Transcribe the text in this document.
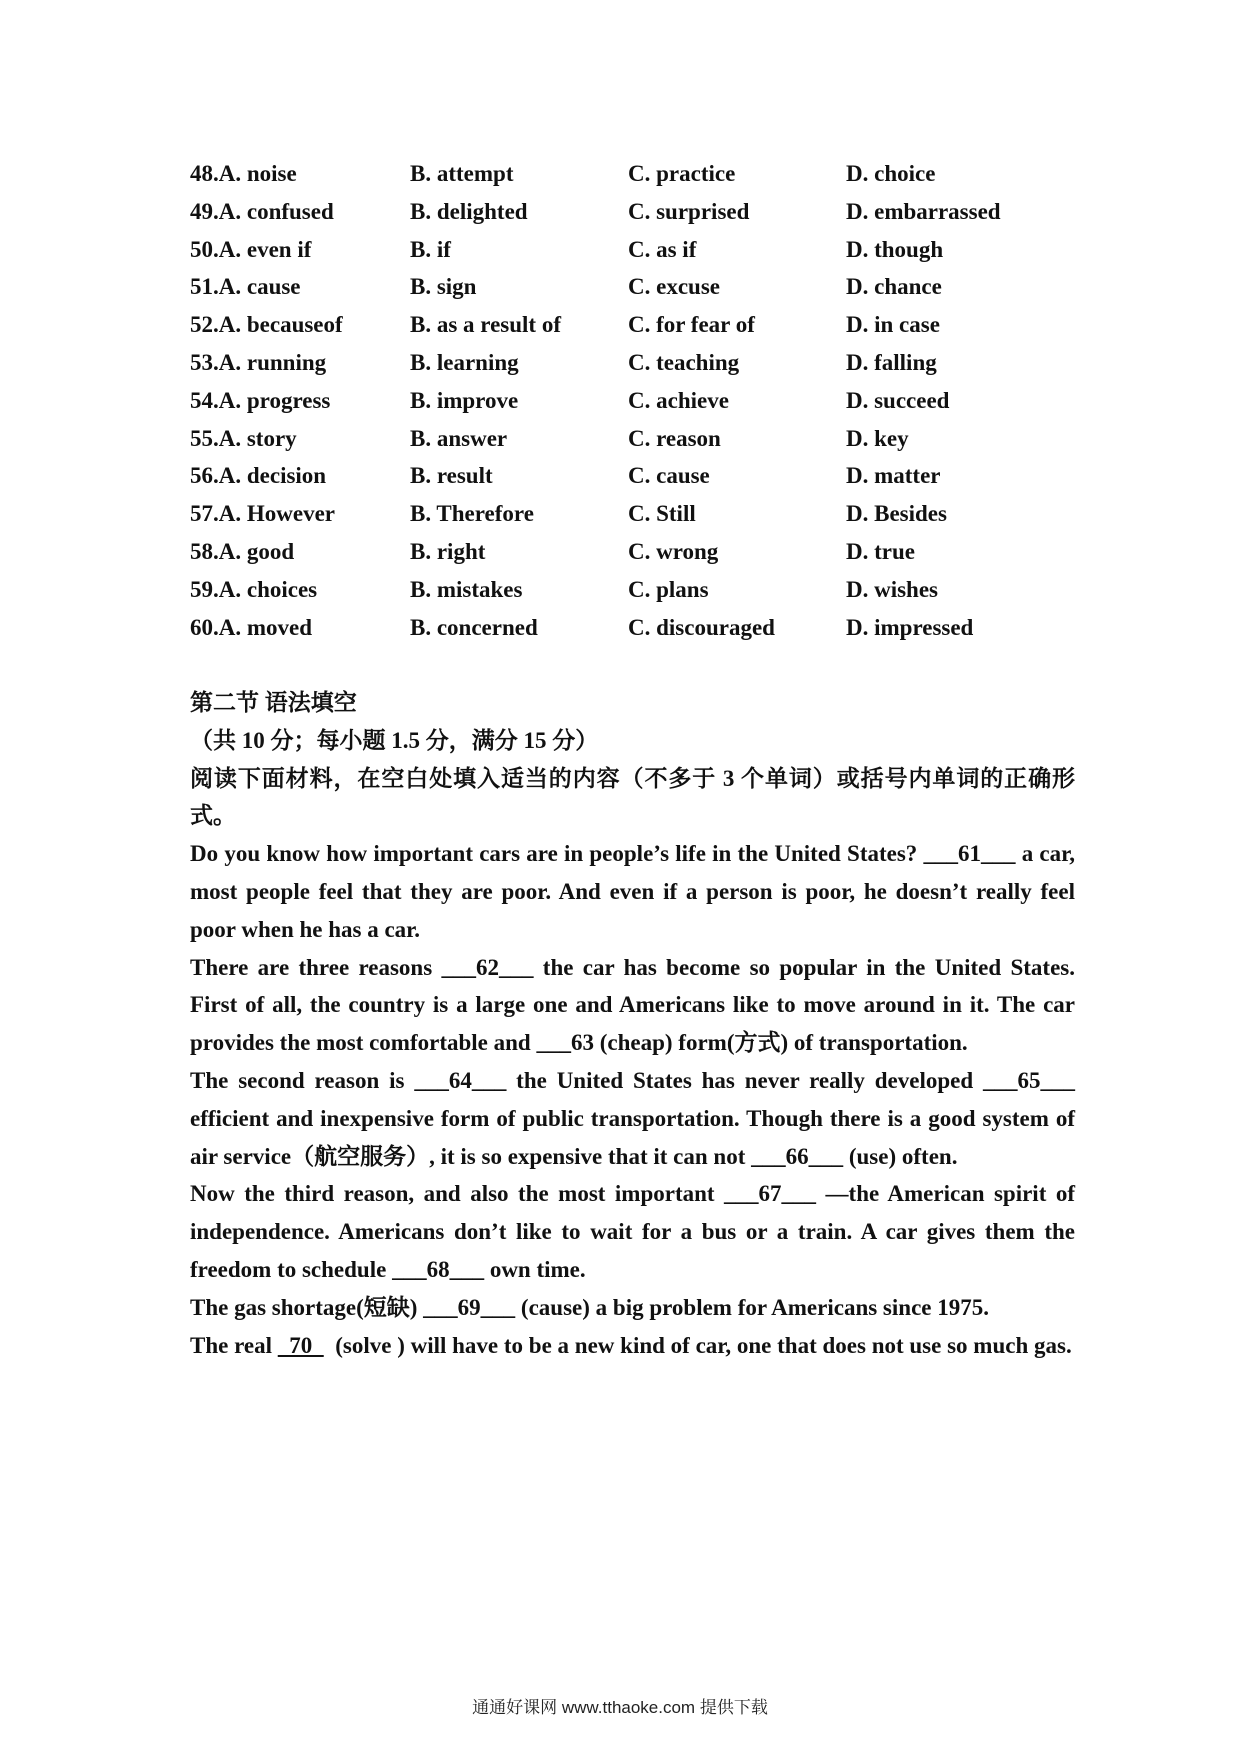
48.A. noise	B. attempt	C. practice	D. choice
49.A. confused	B. delighted	C. surprised	D. embarrassed
50.A. even if	B. if	C. as if	D. though
51.A. cause	B. sign	C. excuse	D. chance
52.A. becauseof	B. as a result of	C. for fear of	D. in case
53.A. running	B. learning	C. teaching	D. falling
54.A. progress	B. improve	C. achieve	D. succeed
55.A. story	B. answer	C. reason	D. key
56.A. decision	B. result	C. cause	D. matter
57.A. However	B. Therefore	C. Still	D. Besides
58.A. good	B. right	C. wrong	D. true
59.A. choices	B. mistakes	C. plans	D. wishes
60.A. moved	B. concerned	C. discouraged	D. impressed

第二节 语法填空

（共 10 分；每小题 1.5 分，满分 15 分）

阅读下面材料，在空白处填入适当的内容（不多于 3 个单词）或括号内单词的正确形式。

Do you know how important cars are in people’s life in the United States? ___61___ a car, most people feel that they are poor. And even if a person is poor, he doesn’t really feel poor when he has a car.

There are three reasons ___62___ the car has become so popular in the United States. First of all, the country is a large one and Americans like to move around in it. The car provides the most comfortable and ___63 (cheap) form(方式) of transportation.

The second reason is ___64___ the United States has never really developed ___65___ efficient and inexpensive form of public transportation. Though there is a good system of air service（航空服务）, it is so expensive that it can not ___66___ (use) often.

Now the third reason, and also the most important ___67___ —the American spirit of independence. Americans don’t like to wait for a bus or a train. A car gives them the freedom to schedule ___68___ own time.

The gas shortage(短缺) ___69___ (cause) a big problem for Americans since 1975.

The real   70    (solve ) will have to be a new kind of car, one that does not use so much gas.

通通好课网 www.tthaoke.com 提供下载
